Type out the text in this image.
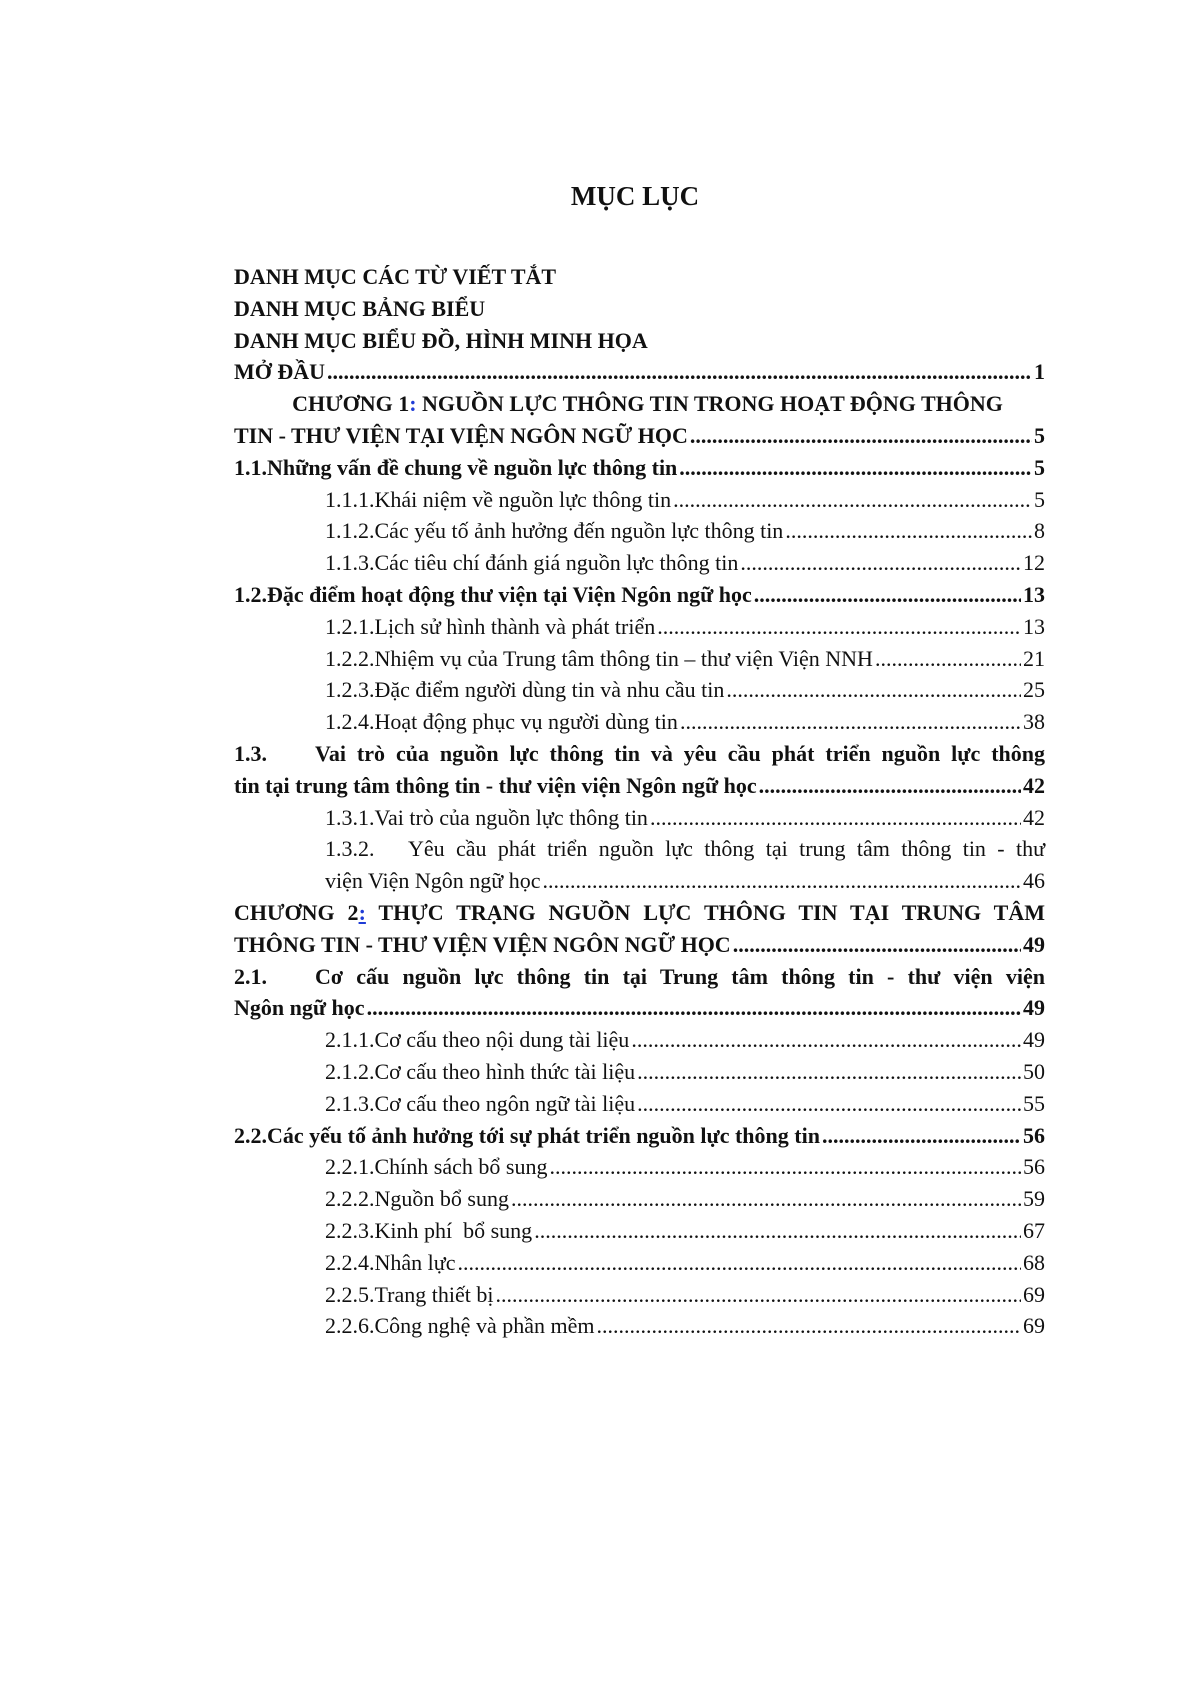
MỤC LỤC
DANH MỤC CÁC TỪ VIẾT TẮT
DANH MỤC BẢNG BIỂU
DANH MỤC BIỂU ĐỒ, HÌNH MINH HỌA
MỞ ĐẦU .....	1
CHƯƠNG 1 : NGUỒN LỰC THÔNG TIN TRONG HOẠT ĐỘNG THÔNG
TIN - THƯ VIỆN TẠI VIỆN NGÔN NGỮ HỌC .....	5
1.1. Những vấn đề chung về nguồn lực thông tin .....	5
1.1.1. Khái niệm về nguồn lực thông tin .....	5
1.1.2. Các yếu tố ảnh hưởng đến nguồn lực thông tin .....	8
1.1.3. Các tiêu chí đánh giá nguồn lực thông tin .....	12
1.2. Đặc điểm hoạt động thư viện tại Viện Ngôn ngữ học .....	13
1.2.1. Lịch sử hình thành và phát triển .....	13
1.2.2. Nhiệm vụ của Trung tâm thông tin – thư viện Viện NNH .....	21
1.2.3. Đặc điểm người dùng tin và nhu cầu tin .....	25
1.2.4. Hoạt động phục vụ người dùng tin .....	38
1.3. Vai trò của nguồn lực thông tin và yêu cầu phát triển nguồn lực thông
tin tại trung tâm thông tin - thư viện viện Ngôn ngữ học .....	42
1.3.1. Vai trò của nguồn lực thông tin .....	42
1.3.2. Yêu cầu phát triển nguồn lực thông tại trung tâm thông tin - thư
viện Viện Ngôn ngữ học .....	46
CHƯƠNG 2: THỰC TRẠNG NGUỒN LỰC THÔNG TIN TẠI TRUNG TÂM
THÔNG TIN - THƯ VIỆN VIỆN NGÔN NGỮ HỌC .....	49
2.1. Cơ cấu nguồn lực thông tin tại Trung tâm thông tin - thư viện viện
Ngôn ngữ học .....	49
2.1.1. Cơ cấu theo nội dung tài liệu .....	49
2.1.2. Cơ cấu theo hình thức tài liệu .....	50
2.1.3. Cơ cấu theo ngôn ngữ tài liệu .....	55
2.2. Các yếu tố ảnh hưởng tới sự phát triển nguồn lực thông tin .....	56
2.2.1. Chính sách bổ sung .....	56
2.2.2. Nguồn bổ sung .....	59
2.2.3. Kinh phí  bổ sung .....	67
2.2.4. Nhân lực .....	68
2.2.5. Trang thiết bị .....	69
2.2.6. Công nghệ và phần mềm .....	69
